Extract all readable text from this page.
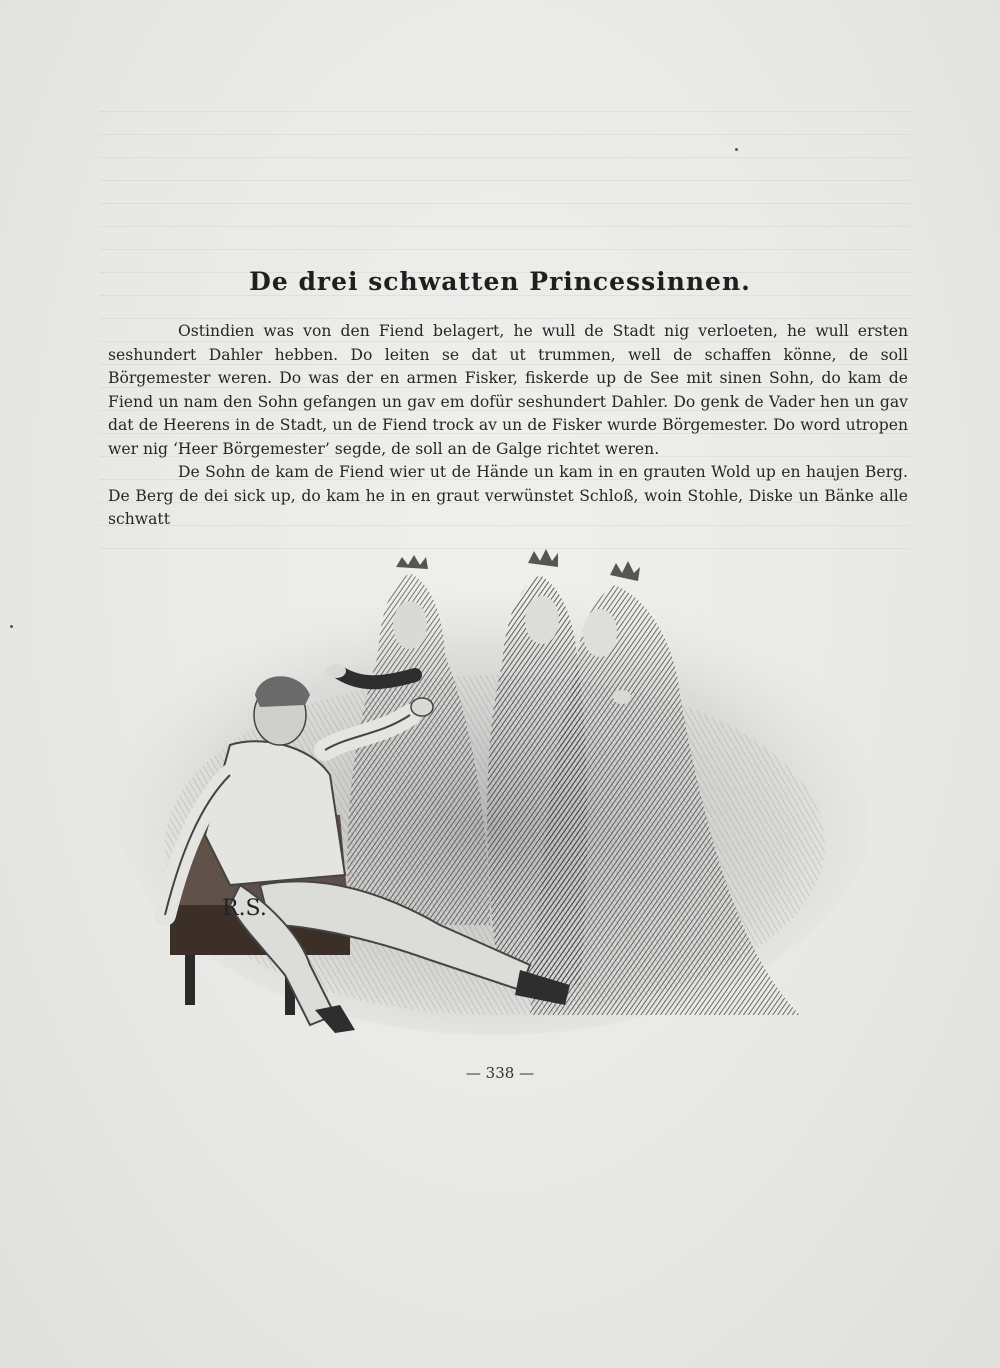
De drei schwatten Princessinnen.

Ostindien was von den Fiend belagert, he wull de Stadt nig verloeten, he wull ersten seshundert Dahler hebben. Do leiten se dat ut trummen, well de schaffen könne, de soll Börgemester weren. Do was der en armen Fisker, fiskerde up de See mit sinen Sohn, do kam de Fiend un nam den Sohn gefangen un gav em dofür seshundert Dahler. Do genk de Vader hen un gav dat de Heerens in de Stadt, un de Fiend trock av un de Fisker wurde Börgemester. Do word utropen wer nig ‘Heer Börgemester’ segde, de soll an de Galge richtet weren.

De Sohn de kam de Fiend wier ut de Hände un kam in en grauten Wold up en haujen Berg. De Berg de dei sick up, do kam he in en graut verwünstet Schloß, woin Stohle, Diske un Bänke alle schwatt

R.S.
— 338 —
